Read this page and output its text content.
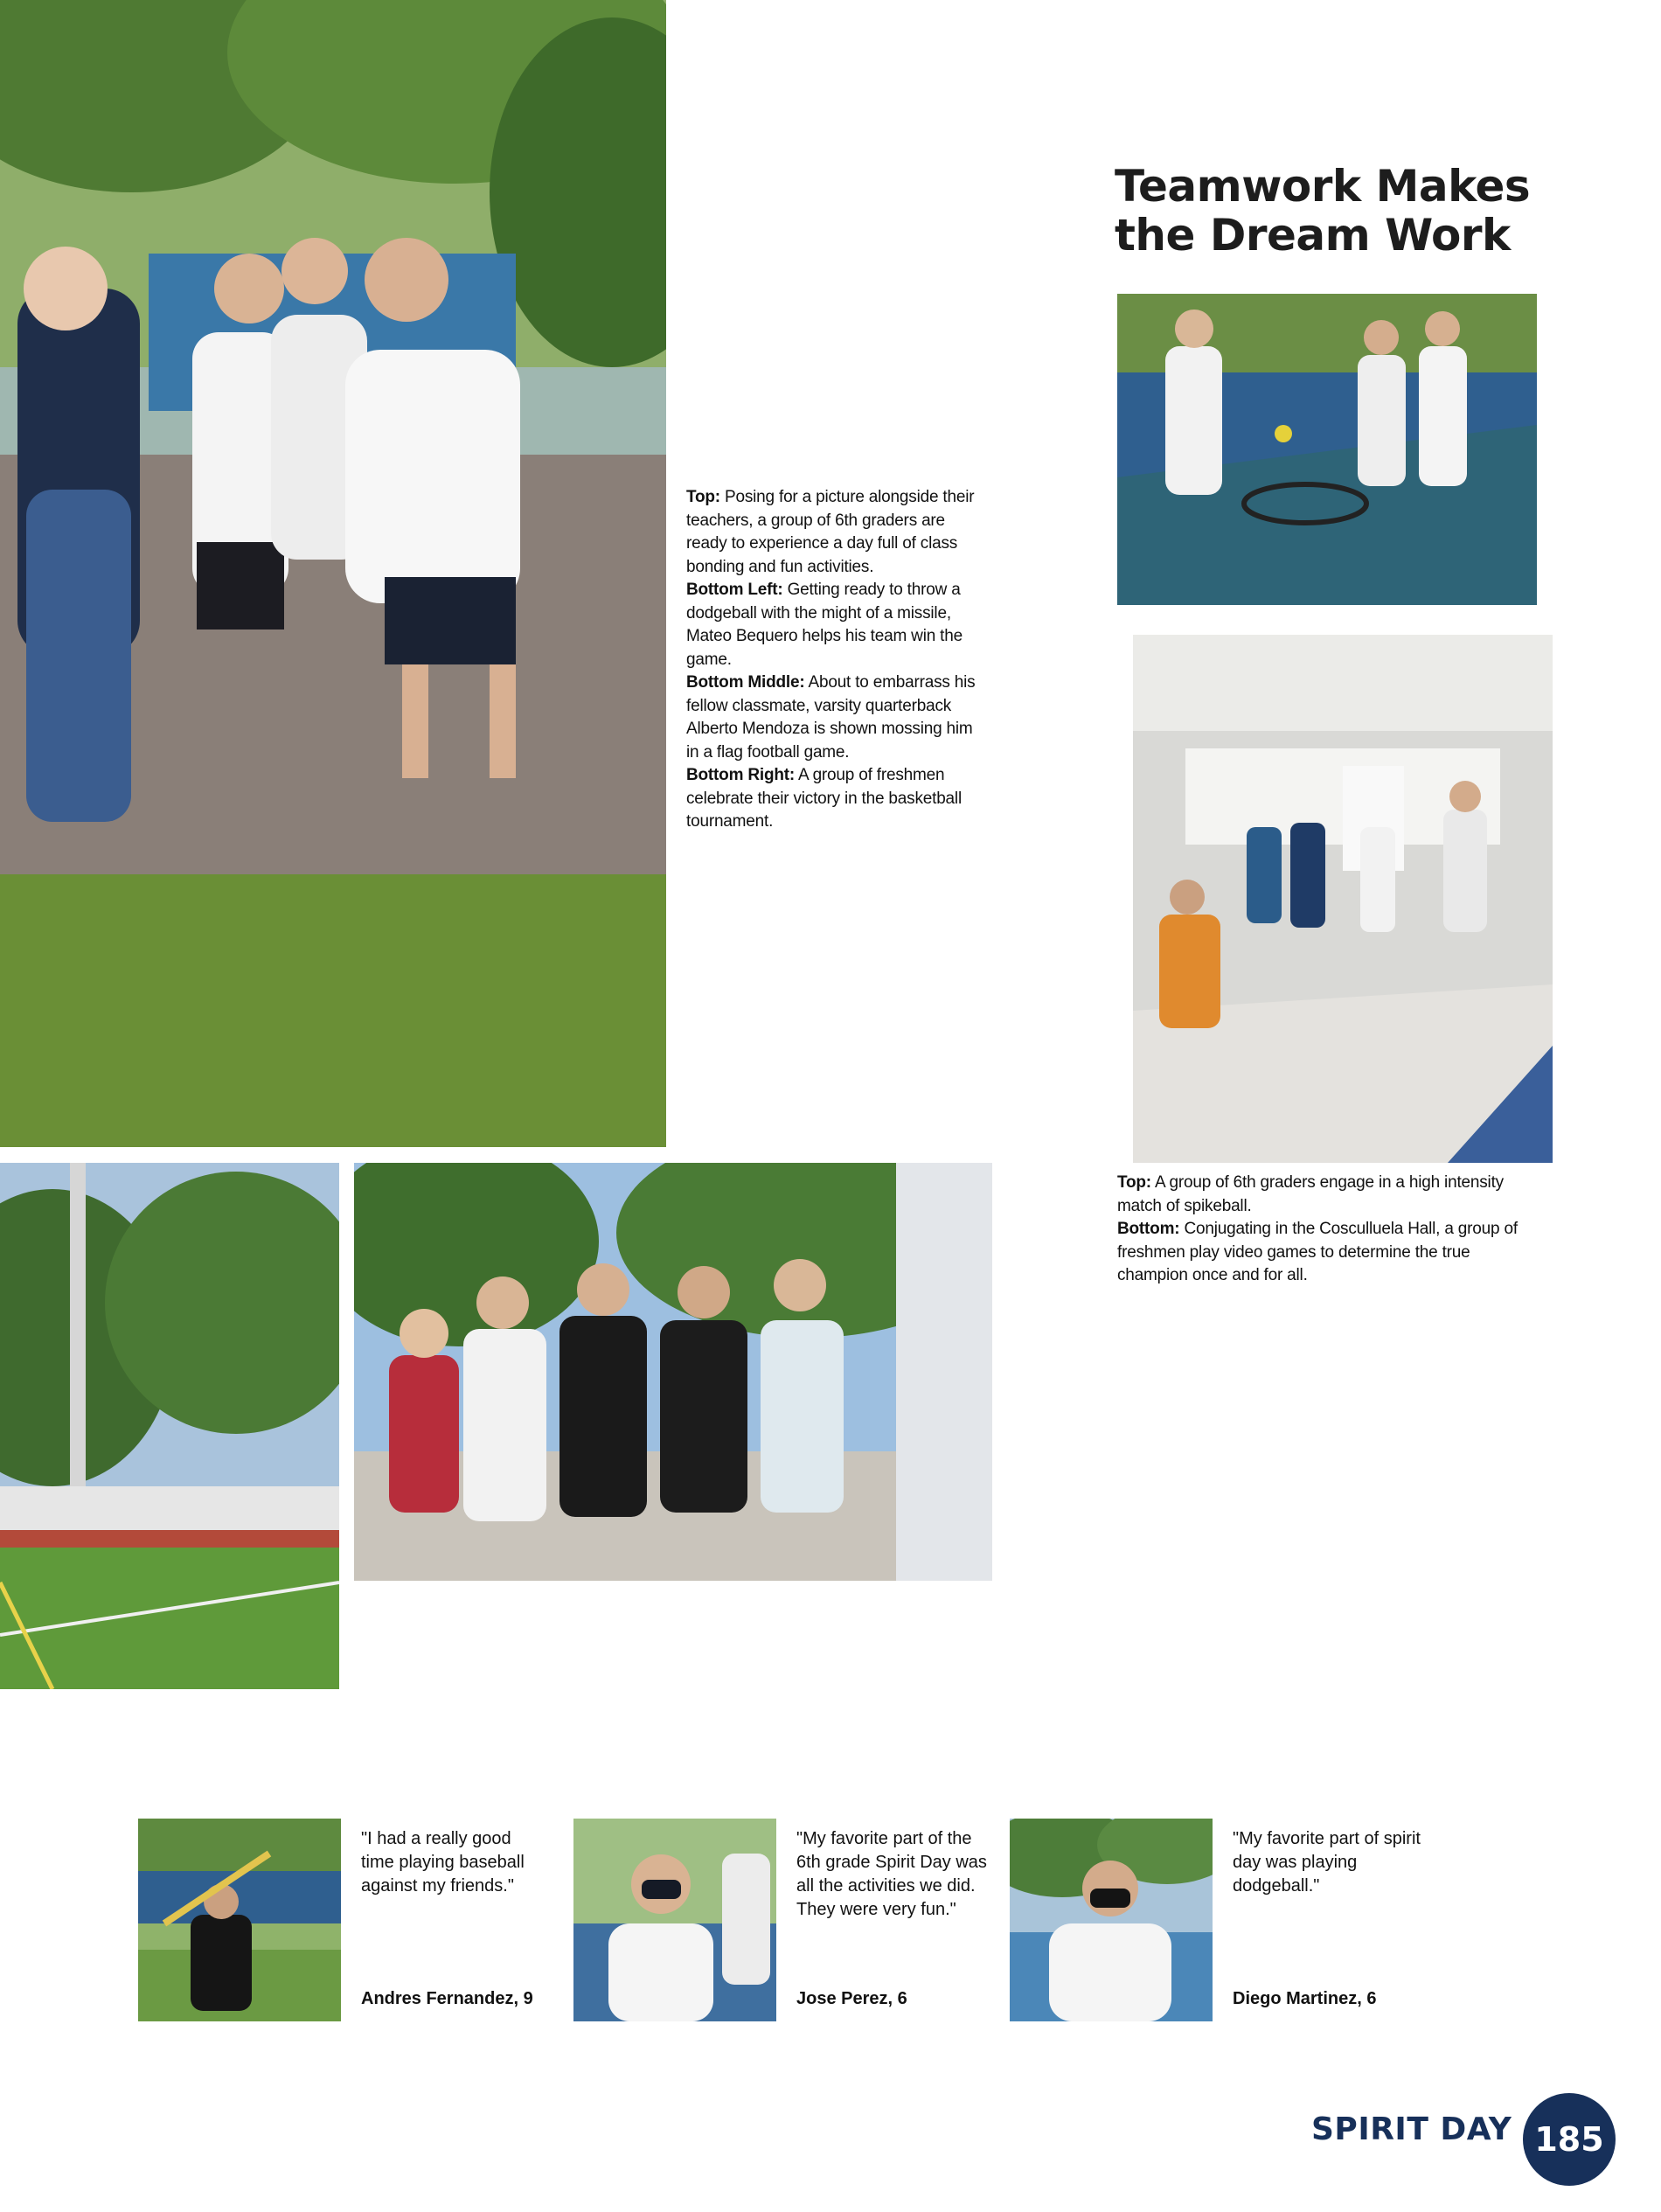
Teamwork Makes
the Dream Work

Top: Posing for a picture alongside their teachers, a group of 6th graders are ready to experience a day full of class bonding and fun activities.

Bottom Left: Getting ready to throw a dodgeball with the might of a missile, Mateo Bequero helps his team win the game.

Bottom Middle: About to embarrass his fellow classmate, varsity quarterback Alberto Mendoza is shown mossing him in a flag football game.

Bottom Right: A group of freshmen celebrate their victory in the basketball tournament.

Top: A group of 6th graders engage in a high intensity match of spikeball.

Bottom: Conjugating in the Cosculluela Hall, a group of freshmen play video games to determine the true champion once and for all.

"I had a really good time playing baseball against my friends."
Andres Fernandez, 9
"My favorite part of the 6th grade Spirit Day was all the activities we did. They were very fun."
Jose Perez, 6
"My favorite part of spirit day was playing dodgeball."
Diego Martinez, 6
SPIRIT DAY 185
